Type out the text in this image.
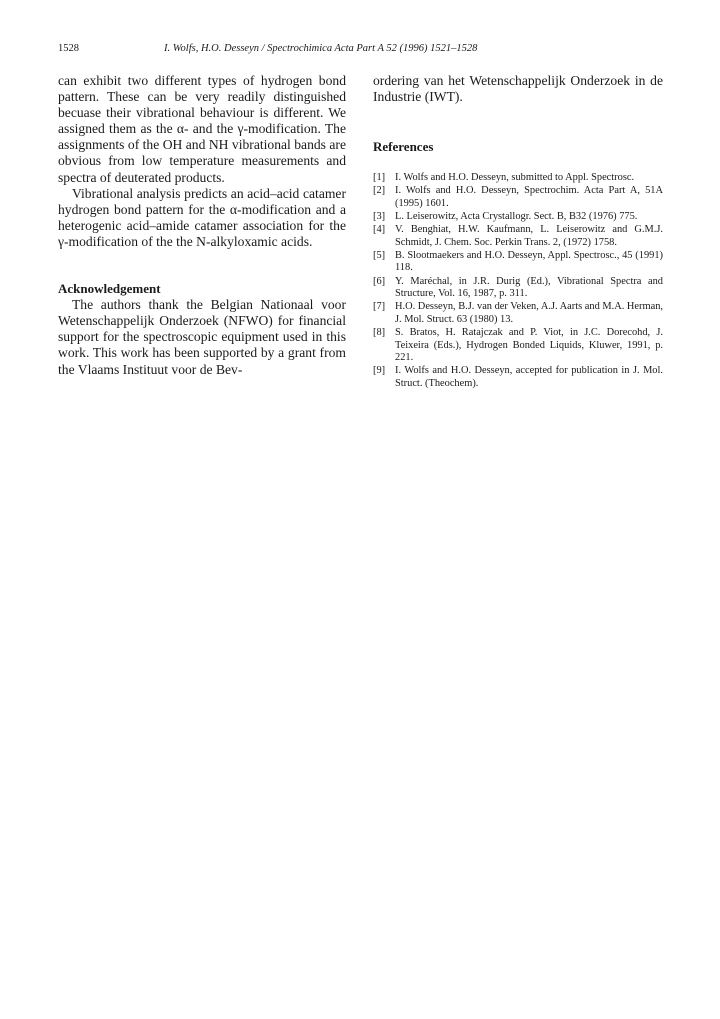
1528	I. Wolfs, H.O. Desseyn / Spectrochimica Acta Part A 52 (1996) 1521–1528

can exhibit two different types of hydrogen bond pattern. These can be very readily distinguished becuase their vibrational behaviour is different. We assigned them as the α- and the γ-modification. The assignments of the OH and NH vibrational bands are obvious from low temperature measurements and spectra of deuterated products.

Vibrational analysis predicts an acid–acid catamer hydrogen bond pattern for the α-modification and a heterogenic acid–amide catamer association for the γ-modification of the the N-alkyloxamic acids.

Acknowledgement

The authors thank the Belgian Nationaal voor Wetenschappelijk Onderzoek (NFWO) for financial support for the spectroscopic equipment used in this work. This work has been supported by a grant from the Vlaams Instituut voor de Bev-

ordering van het Wetenschappelijk Onderzoek in de Industrie (IWT).

References
[1] I. Wolfs and H.O. Desseyn, submitted to Appl. Spectrosc.
[2] I. Wolfs and H.O. Desseyn, Spectrochim. Acta Part A, 51A (1995) 1601.
[3] L. Leiserowitz, Acta Crystallogr. Sect. B, B32 (1976) 775.
[4] V. Benghiat, H.W. Kaufmann, L. Leiserowitz and G.M.J. Schmidt, J. Chem. Soc. Perkin Trans. 2, (1972) 1758.
[5] B. Slootmaekers and H.O. Desseyn, Appl. Spectrosc., 45 (1991) 118.
[6] Y. Maréchal, in J.R. Durig (Ed.), Vibrational Spectra and Structure, Vol. 16, 1987, p. 311.
[7] H.O. Desseyn, B.J. van der Veken, A.J. Aarts and M.A. Herman, J. Mol. Struct. 63 (1980) 13.
[8] S. Bratos, H. Ratajczak and P. Viot, in J.C. Dorecohd, J. Teixeira (Eds.), Hydrogen Bonded Liquids, Kluwer, 1991, p. 221.
[9] I. Wolfs and H.O. Desseyn, accepted for publication in J. Mol. Struct. (Theochem).
